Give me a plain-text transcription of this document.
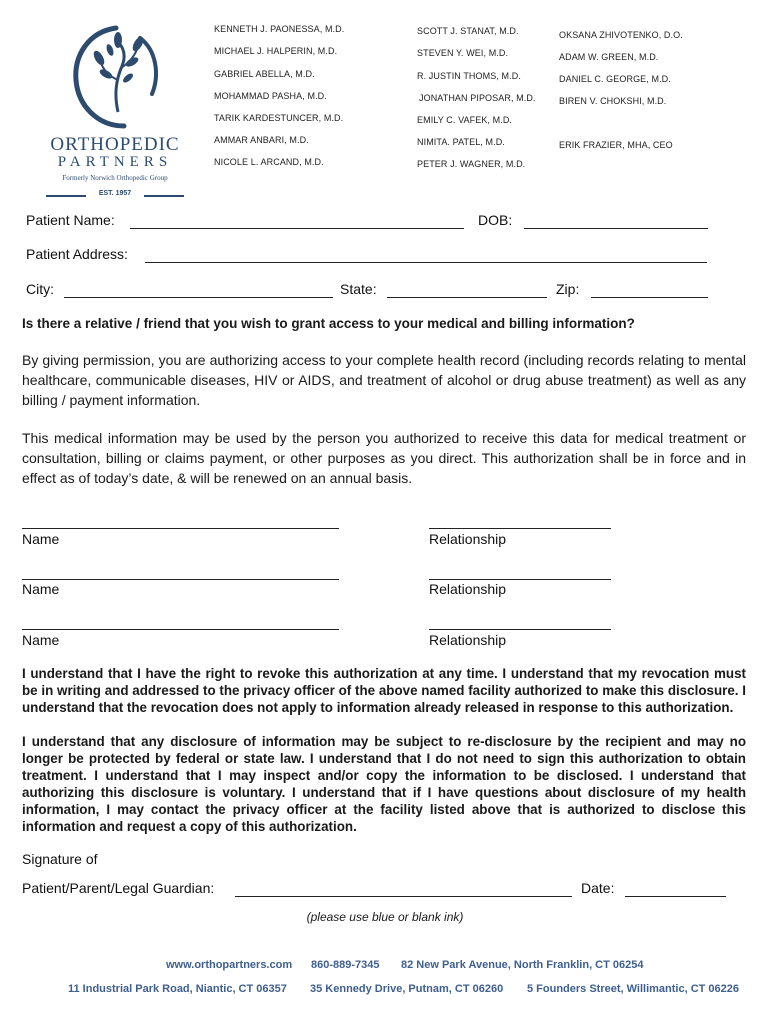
ORTHOPEDIC
PARTNERS
Formerly Norwich Orthopedic Group
EST. 1957
KENNETH J. PAONESSA, M.D.
MICHAEL J. HALPERIN, M.D.
GABRIEL ABELLA, M.D.
MOHAMMAD PASHA, M.D.
TARIK KARDESTUNCER, M.D.
AMMAR ANBARI, M.D.
NICOLE L. ARCAND, M.D.
SCOTT J. STANAT, M.D.
STEVEN Y. WEI, M.D.
R. JUSTIN THOMS, M.D.
JONATHAN PIPOSAR, M.D.
EMILY C. VAFEK, M.D.
NIMITA. PATEL, M.D.
PETER J. WAGNER, M.D.
OKSANA ZHIVOTENKO, D.O.
ADAM W. GREEN, M.D.
DANIEL C. GEORGE, M.D.
BIREN V. CHOKSHI, M.D.
ERIK FRAZIER, MHA, CEO
Patient Name:	DOB:
Patient Address:
City:	State:	Zip:
Is there a relative / friend that you wish to grant access to your medical and billing information?
By giving permission, you are authorizing access to your complete health record (including records relating to mental healthcare, communicable diseases, HIV or AIDS, and treatment of alcohol or drug abuse treatment) as well as any billing / payment information.
This medical information may be used by the person you authorized to receive this data for medical treatment or consultation, billing or claims payment, or other purposes as you direct. This authorization shall be in force and in effect as of today’s date, & will be renewed on an annual basis.
Name	Relationship
Name	Relationship
Name	Relationship
I understand that I have the right to revoke this authorization at any time. I understand that my revocation must be in writing and addressed to the privacy officer of the above named facility authorized to make this disclosure. I understand that the revocation does not apply to information already released in response to this authorization.
I understand that any disclosure of information may be subject to re-disclosure by the recipient and may no longer be protected by federal or state law. I understand that I do not need to sign this authorization to obtain treatment. I understand that I may inspect and/or copy the information to be disclosed. I understand that authorizing this disclosure is voluntary. I understand that if I have questions about disclosure of my health information, I may contact the privacy officer at the facility listed above that is authorized to disclose this information and request a copy of this authorization.
Signature of
Patient/Parent/Legal Guardian:	Date:
(please use blue or blank ink)
www.orthopartners.com 860-889-7345 82 New Park Avenue, North Franklin, CT 06254
11 Industrial Park Road, Niantic, CT 06357 35 Kennedy Drive, Putnam, CT 06260 5 Founders Street, Willimantic, CT 06226
